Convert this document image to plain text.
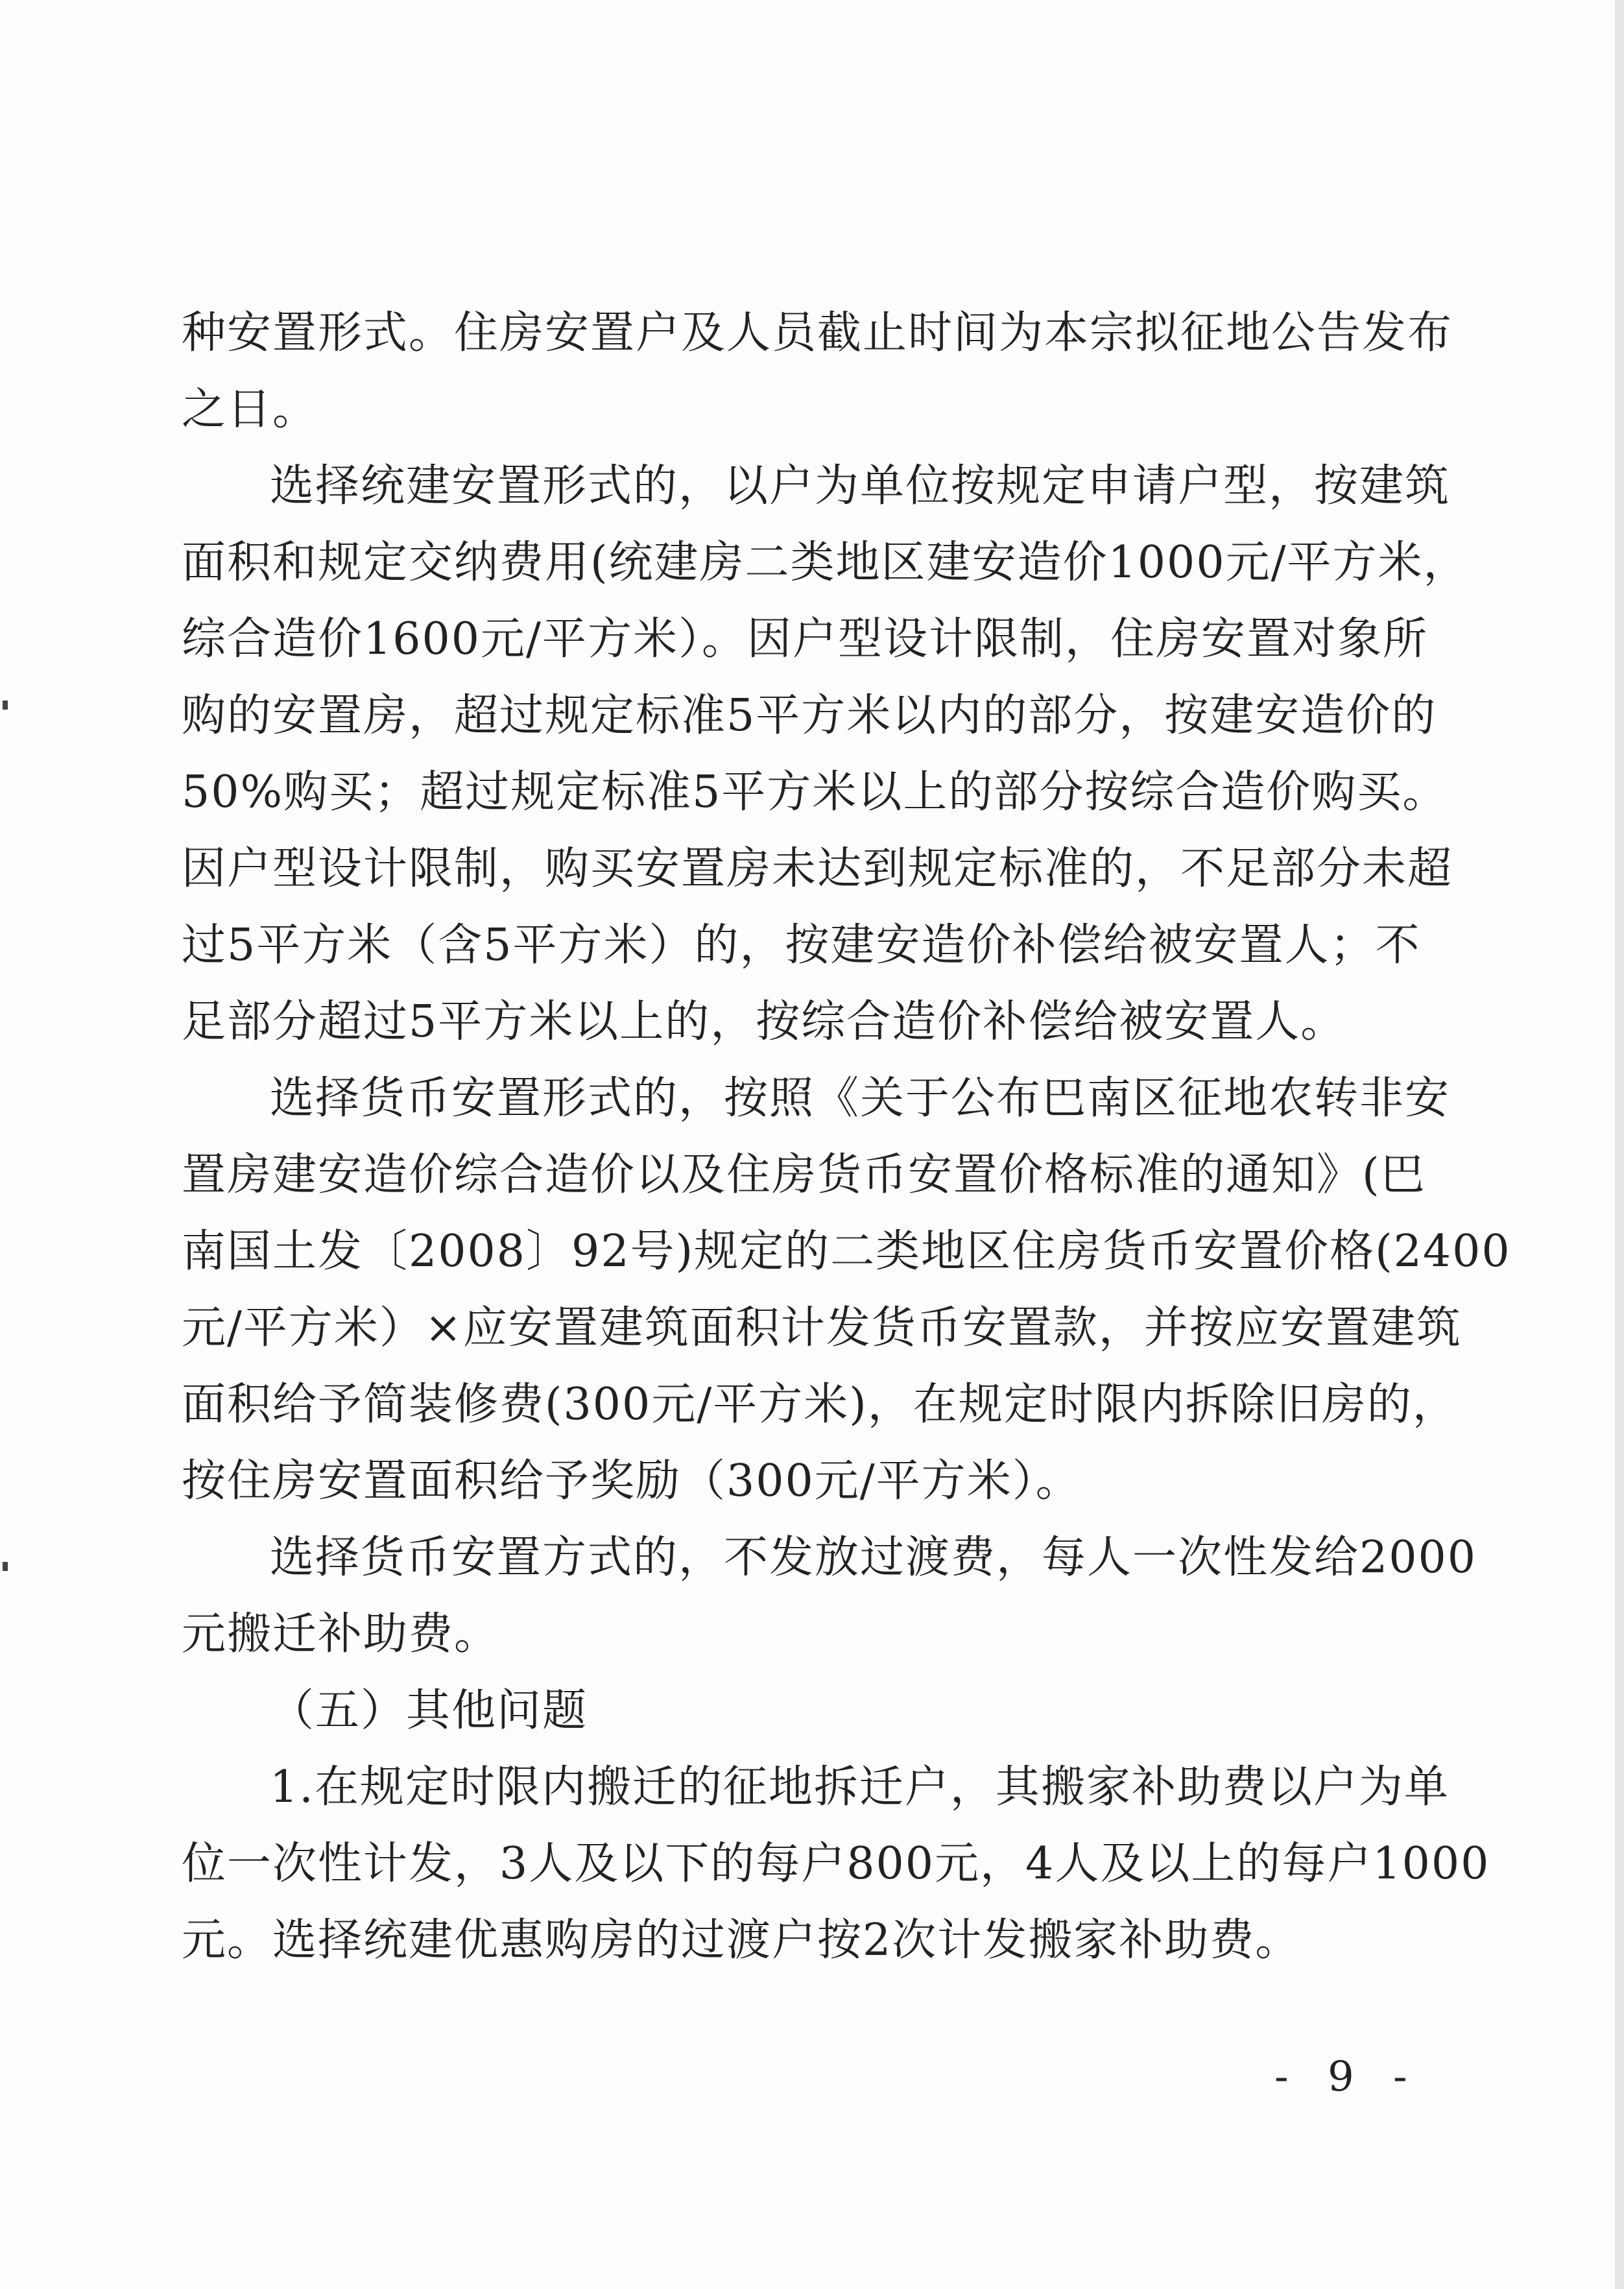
种安置形式。住房安置户及人员截止时间为本宗拟征地公告发布
之日。
选择统建安置形式的，以户为单位按规定申请户型，按建筑
面积和规定交纳费用(统建房二类地区建安造价1000元/平方米，
综合造价1600元/平方米）。因户型设计限制，住房安置对象所
购的安置房，超过规定标准5平方米以内的部分，按建安造价的
50%购买；超过规定标准5平方米以上的部分按综合造价购买。
因户型设计限制，购买安置房未达到规定标准的，不足部分未超
过5平方米（含5平方米）的，按建安造价补偿给被安置人；不
足部分超过5平方米以上的，按综合造价补偿给被安置人。
选择货币安置形式的，按照《关于公布巴南区征地农转非安
置房建安造价综合造价以及住房货币安置价格标准的通知》(巴
南国土发〔2008〕92号)规定的二类地区住房货币安置价格(2400
元/平方米）×应安置建筑面积计发货币安置款，并按应安置建筑
面积给予简装修费(300元/平方米)，在规定时限内拆除旧房的，
按住房安置面积给予奖励（300元/平方米）。
选择货币安置方式的，不发放过渡费，每人一次性发给2000
元搬迁补助费。
（五）其他问题
1.在规定时限内搬迁的征地拆迁户，其搬家补助费以户为单
位一次性计发，3人及以下的每户800元，4人及以上的每户1000
元。选择统建优惠购房的过渡户按2次计发搬家补助费。
- 9 -
